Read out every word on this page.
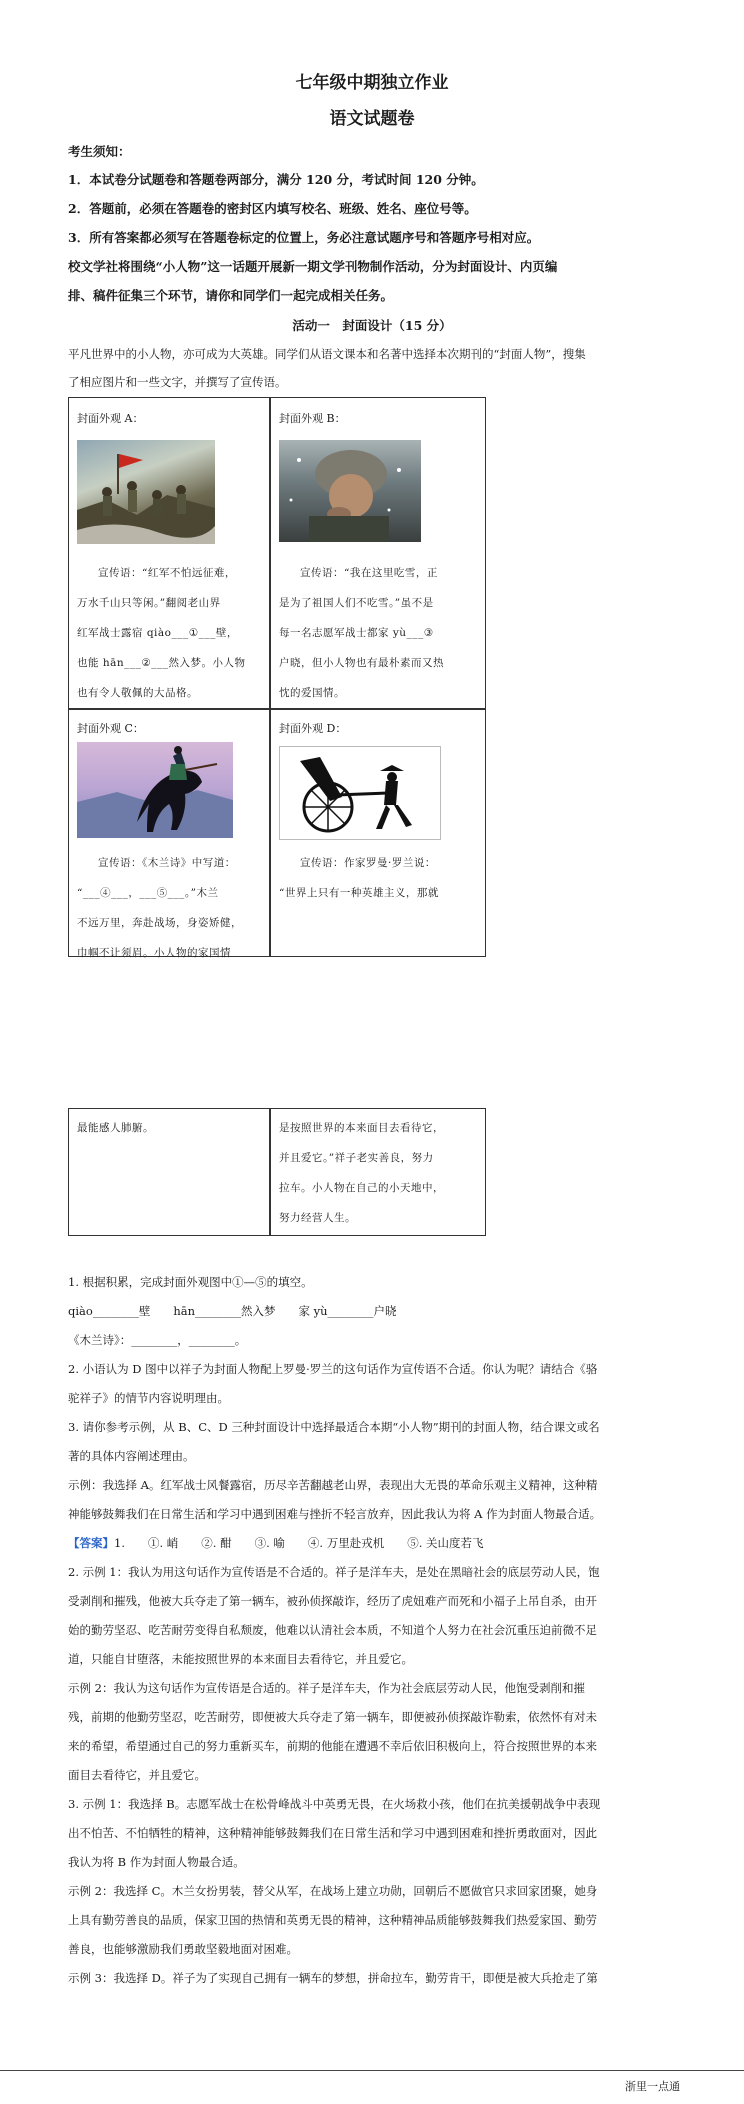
七年级中期独立作业
语文试题卷
考生须知：
1．本试卷分试题卷和答题卷两部分，满分 120 分，考试时间 120 分钟。
2．答题前，必须在答题卷的密封区内填写校名、班级、姓名、座位号等。
3．所有答案都必须写在答题卷标定的位置上，务必注意试题序号和答题序号相对应。
校文学社将围绕“小人物”这一话题开展新一期文学刊物制作活动，分为封面设计、内页编
排、稿件征集三个环节，请你和同学们一起完成相关任务。
活动一　封面设计（15 分）
平凡世界中的小人物，亦可成为大英雄。同学们从语文课本和名著中选择本次期刊的“封面人物”，搜集
了相应图片和一些文字，并撰写了宣传语。
封面外观 A：
宣传语：“红军不怕远征难，
万水千山只等闲。”翻阅老山界
红军战士露宿 qiào___①___壁，
也能 hān___②___然入梦。小人物
也有令人敬佩的大品格。
封面外观 B：
宣传语：“我在这里吃雪，正
是为了祖国人们不吃雪。”虽不是
每一名志愿军战士都家 yù___③
户晓，但小人物也有最朴素而又热
忱的爱国情。
封面外观 C：
宣传语：《木兰诗》中写道：
“___④___，___⑤___。”木兰
不远万里，奔赴战场，身姿矫健，
巾帼不让须眉。小人物的家国情
封面外观 D：
宣传语：作家罗曼·罗兰说：
“世界上只有一种英雄主义，那就
最能感人肺腑。	是按照世界的本来面目去看待它，
并且爱它。”祥子老实善良，努力
拉车。小人物在自己的小天地中，
努力经营人生。
1. 根据积累，完成封面外观图中①—⑤的填空。
qiào________壁　　hān________然入梦　　家 yù________户晓
《木兰诗》：________，________。
2. 小语认为 D 图中以祥子为封面人物配上罗曼·罗兰的这句话作为宣传语不合适。你认为呢？请结合《骆
驼祥子》的情节内容说明理由。
3. 请你参考示例，从 B、C、D 三种封面设计中选择最适合本期“小人物”期刊的封面人物，结合课文或名
著的具体内容阐述理由。
示例：我选择 A。红军战士风餐露宿，历尽辛苦翻越老山界，表现出大无畏的革命乐观主义精神，这种精
神能够鼓舞我们在日常生活和学习中遇到困难与挫折不轻言放弃，因此我认为将 A 作为封面人物最合适。
【答案】1.　　①. 峭　　②. 酣　　③. 喻　　④. 万里赴戎机　　⑤. 关山度若飞
2. 示例 1：我认为用这句话作为宣传语是不合适的。祥子是洋车夫，是处在黑暗社会的底层劳动人民，饱
受剥削和摧残，他被大兵夺走了第一辆车，被孙侦探敲诈，经历了虎妞难产而死和小福子上吊自杀，由开
始的勤劳坚忍、吃苦耐劳变得自私颓废，他难以认清社会本质，不知道个人努力在社会沉重压迫前微不足
道，只能自甘堕落，未能按照世界的本来面目去看待它，并且爱它。
示例 2：我认为这句话作为宣传语是合适的。祥子是洋车夫，作为社会底层劳动人民，他饱受剥削和摧
残，前期的他勤劳坚忍，吃苦耐劳，即便被大兵夺走了第一辆车，即便被孙侦探敲诈勒索，依然怀有对未
来的希望，希望通过自己的努力重新买车，前期的他能在遭遇不幸后依旧积极向上，符合按照世界的本来
面目去看待它，并且爱它。
3. 示例 1：我选择 B。志愿军战士在松骨峰战斗中英勇无畏，在火场救小孩，他们在抗美援朝战争中表现
出不怕苦、不怕牺牲的精神，这种精神能够鼓舞我们在日常生活和学习中遇到困难和挫折勇敢面对，因此
我认为将 B 作为封面人物最合适。
示例 2：我选择 C。木兰女扮男装，替父从军，在战场上建立功勋，回朝后不愿做官只求回家团聚，她身
上具有勤劳善良的品质，保家卫国的热情和英勇无畏的精神，这种精神品质能够鼓舞我们热爱家国、勤劳
善良，也能够激励我们勇敢坚毅地面对困难。
示例 3：我选择 D。祥子为了实现自己拥有一辆车的梦想，拼命拉车，勤劳肯干，即便是被大兵抢走了第
浙里一点通
